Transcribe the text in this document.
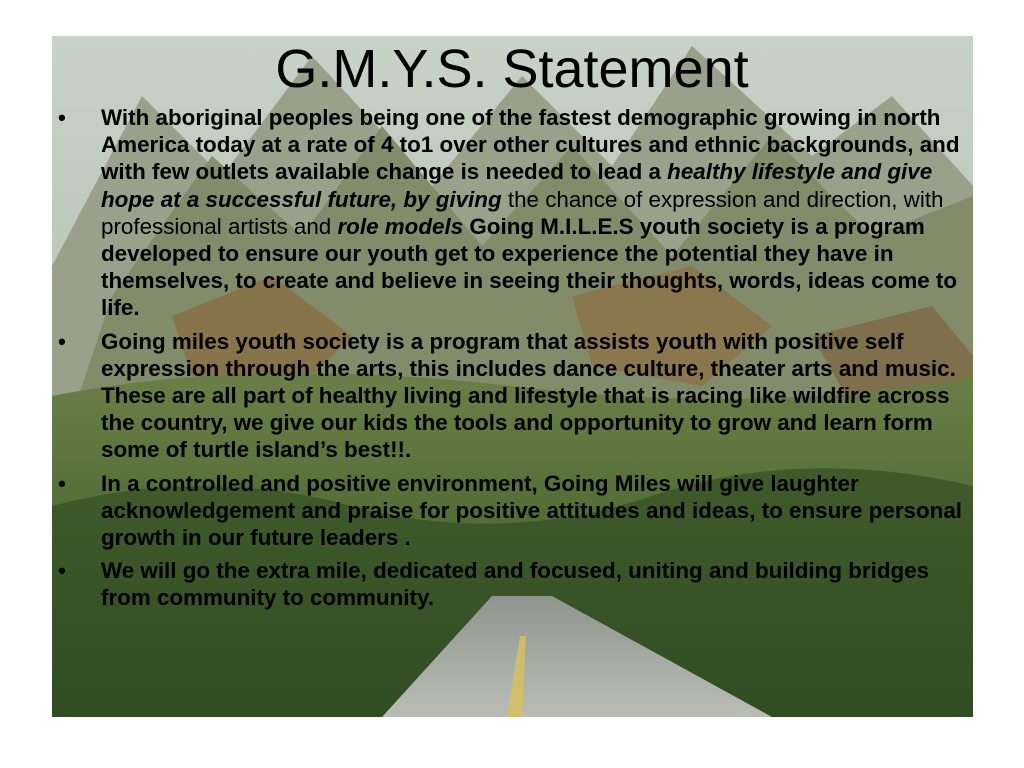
G.M.Y.S. Statement
•	With aboriginal peoples being one of the fastest demographic growing in north America today at a rate of 4 to1 over other cultures and ethnic backgrounds, and with few outlets available change is needed to lead a healthy lifestyle and give hope at a successful future, by giving the chance of expression and direction, with professional artists and role models Going M.I.L.E.S youth society is a program developed to ensure our youth get to experience the potential they have in themselves, to create and believe in seeing their thoughts, words, ideas come to life.
•	Going miles youth society is a program that assists youth with positive self expression through the arts, this includes dance culture, theater arts and music. These are all part of healthy living and lifestyle that is racing like wildfire across the country, we give our kids the tools and opportunity to grow and learn form some of turtle island’s best!!.
•	In a controlled and positive environment, Going Miles will give laughter acknowledgement and praise for positive attitudes and ideas, to ensure personal growth in our future leaders .
•	We will go the extra mile, dedicated and focused, uniting and building bridges from community to community.
